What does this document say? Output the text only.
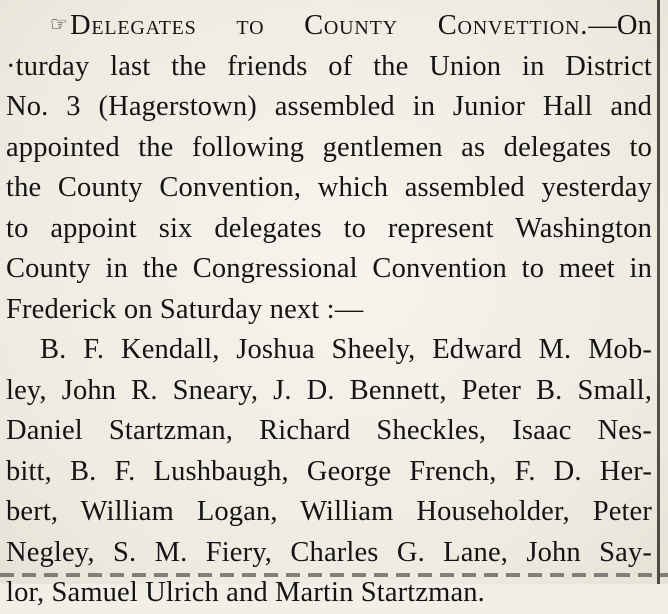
☞ Delegates to County Convettion.—On
·turday last the friends of the Union in District
No. 3 (Hagerstown) assembled in Junior Hall and
appointed the following gentlemen as delegates to
the County Convention, which assembled yesterday
to appoint six delegates to represent Washington
County in the Congressional Convention to meet in
Frederick on Saturday next :—
B. F. Kendall, Joshua Sheely, Edward M. Mob-
ley, John R. Sneary, J. D. Bennett, Peter B. Small,
Daniel Startzman, Richard Sheckles, Isaac Nes-
bitt, B. F. Lushbaugh, George French, F. D. Her-
bert, William Logan, William Householder, Peter
Negley, S. M. Fiery, Charles G. Lane, John Say-
lor, Samuel Ulrich and Martin Startzman.
